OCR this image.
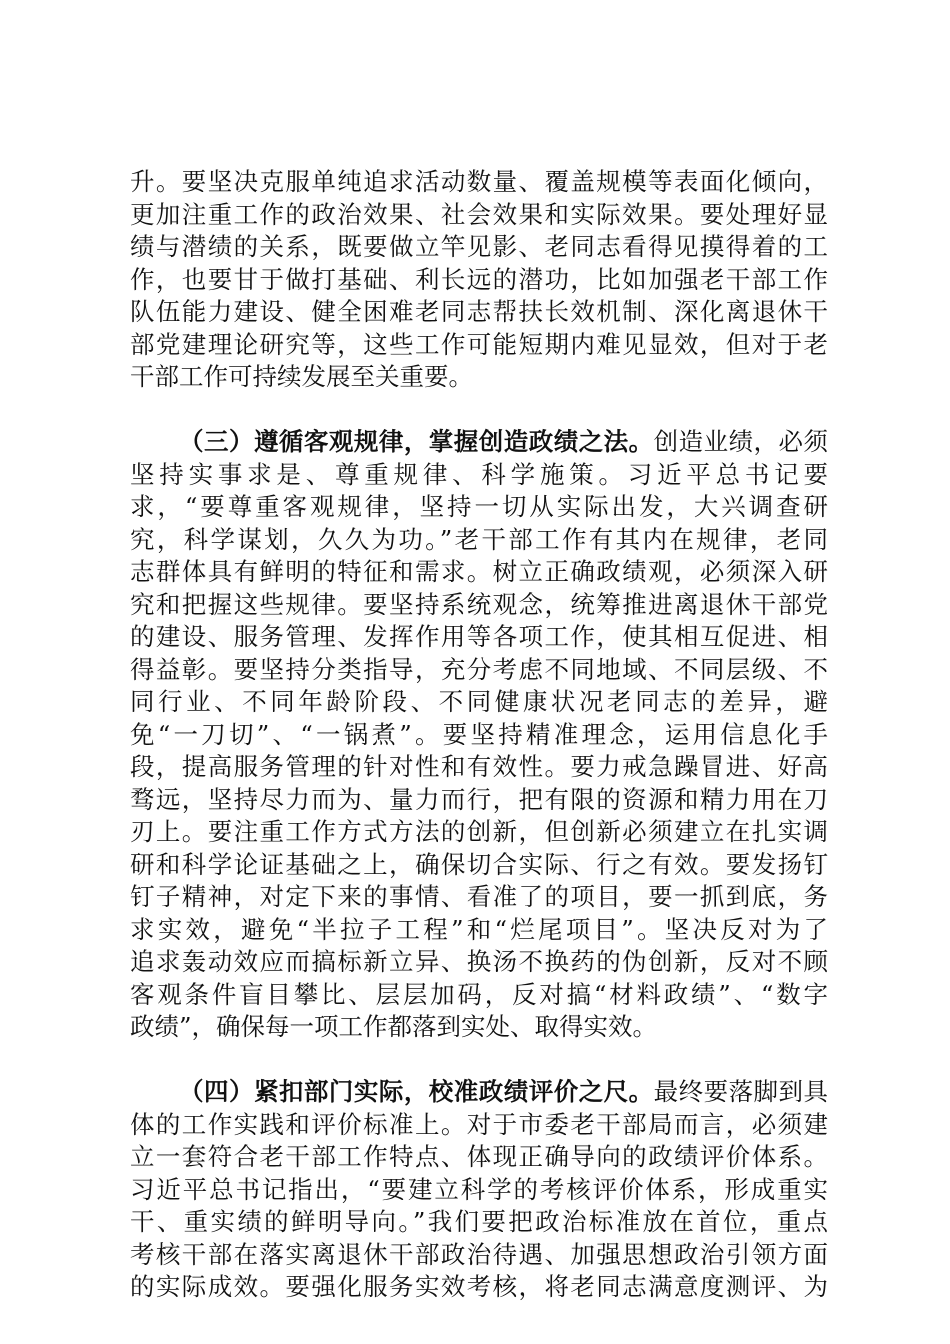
升。要坚决克服单纯追求活动数量、覆盖规模等表面化倾向，
更加注重工作的政治效果、社会效果和实际效果。要处理好显
绩与潜绩的关系，既要做立竿见影、老同志看得见摸得着的工
作，也要甘于做打基础、利长远的潜功，比如加强老干部工作
队伍能力建设、健全困难老同志帮扶长效机制、深化离退休干
部党建理论研究等，这些工作可能短期内难见显效，但对于老
干部工作可持续发展至关重要。
（三）遵循客观规律，掌握创造政绩之法。创造业绩，必须
坚持实事求是、尊重规律、科学施策。习近平总书记要
求，“要尊重客观规律，坚持一切从实际出发，大兴调查研
究，科学谋划，久久为功。”老干部工作有其内在规律，老同
志群体具有鲜明的特征和需求。树立正确政绩观，必须深入研
究和把握这些规律。要坚持系统观念，统筹推进离退休干部党
的建设、服务管理、发挥作用等各项工作，使其相互促进、相
得益彰。要坚持分类指导，充分考虑不同地域、不同层级、不
同行业、不同年龄阶段、不同健康状况老同志的差异，避
免“一刀切”、“一锅煮”。要坚持精准理念，运用信息化手
段，提高服务管理的针对性和有效性。要力戒急躁冒进、好高
骛远，坚持尽力而为、量力而行，把有限的资源和精力用在刀
刃上。要注重工作方式方法的创新，但创新必须建立在扎实调
研和科学论证基础之上，确保切合实际、行之有效。要发扬钉
钉子精神，对定下来的事情、看准了的项目，要一抓到底，务
求实效，避免“半拉子工程”和“烂尾项目”。坚决反对为了
追求轰动效应而搞标新立异、换汤不换药的伪创新，反对不顾
客观条件盲目攀比、层层加码，反对搞“材料政绩”、“数字
政绩”，确保每一项工作都落到实处、取得实效。
（四）紧扣部门实际，校准政绩评价之尺。最终要落脚到具
体的工作实践和评价标准上。对于市委老干部局而言，必须建
立一套符合老干部工作特点、体现正确导向的政绩评价体系。
习近平总书记指出，“要建立科学的考核评价体系，形成重实
干、重实绩的鲜明导向。”我们要把政治标准放在首位，重点
考核干部在落实离退休干部政治待遇、加强思想政治引领方面
的实际成效。要强化服务实效考核，将老同志满意度测评、为
